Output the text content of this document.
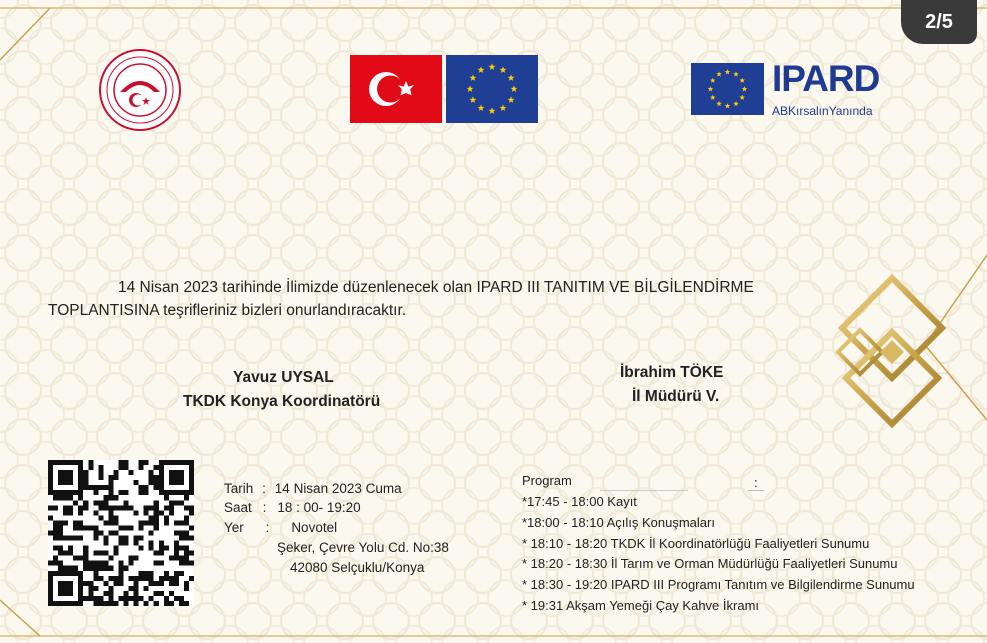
2/5
IPARD
ABKırsalınYanında
14 Nisan 2023 tarihinde İlimizde düzenlenecek olan IPARD III TANITIM VE BİLGİLENDİRME
TOPLANTISINA teşrifleriniz bizleri onurlandıracaktır.
Yavuz UYSAL
TKDK Konya Koordinatörü
İbrahim TÖKE
İl Müdürü V.
Tarih : 14 Nisan 2023 Cuma
Saat : 18 : 00- 19:20
Yer : Novotel
Şeker, Çevre Yolu Cd. No:38
42080 Selçuklu/Konya
Program	:
*17:45 - 18:00 Kayıt
*18:00 - 18:10 Açılış Konuşmaları
* 18:10 - 18:20 TKDK İl Koordinatörlüğü Faaliyetleri Sunumu
* 18:20 - 18:30 İl Tarım ve Orman Müdürlüğü Faaliyetleri Sunumu
* 18:30 - 19:20 IPARD III Programı Tanıtım ve Bilgilendirme Sunumu
* 19:31 Akşam Yemeği Çay Kahve İkramı
